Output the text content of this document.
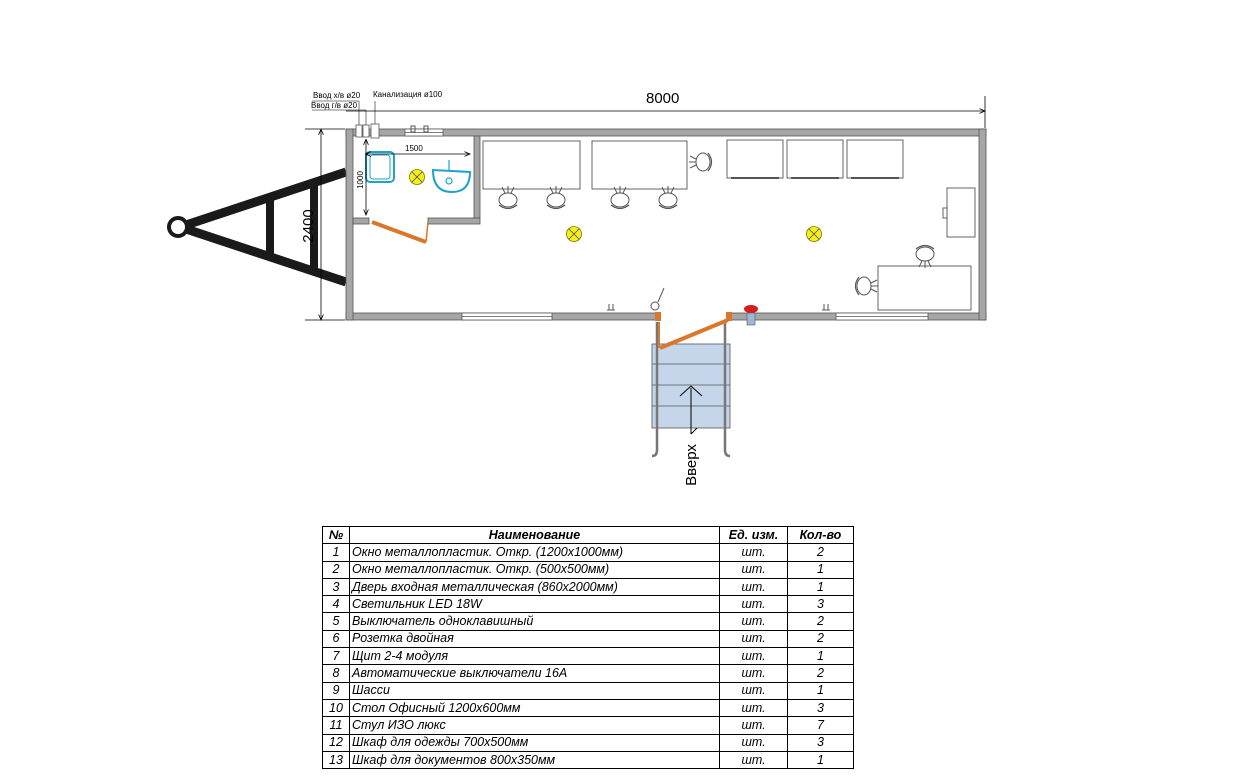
1500
1000
Ввод х/в ø20
Ввод г/в ø20
Канализация ø100	8000
2400
Вверх
№	Наименование	Ед. изм.	Кол-во
1	Окно металлопластик. Откр. (1200х1000мм)	шт.	2
2	Окно металлопластик. Откр. (500х500мм)	шт.	1
3	Дверь входная металлическая (860х2000мм)	шт.	1
4	Светильник LED 18W	шт.	3
5	Выключатель одноклавишный	шт.	2
6	Розетка двойная	шт.	2
7	Щит 2-4 модуля	шт.	1
8	Автоматические выключатели 16А	шт.	2
9	Шасси	шт.	1
10	Стол Офисный 1200х600мм	шт.	3
11	Стул ИЗО люкс	шт.	7
12	Шкаф для одежды 700х500мм	шт.	3
13	Шкаф для документов 800х350мм	шт.	1
